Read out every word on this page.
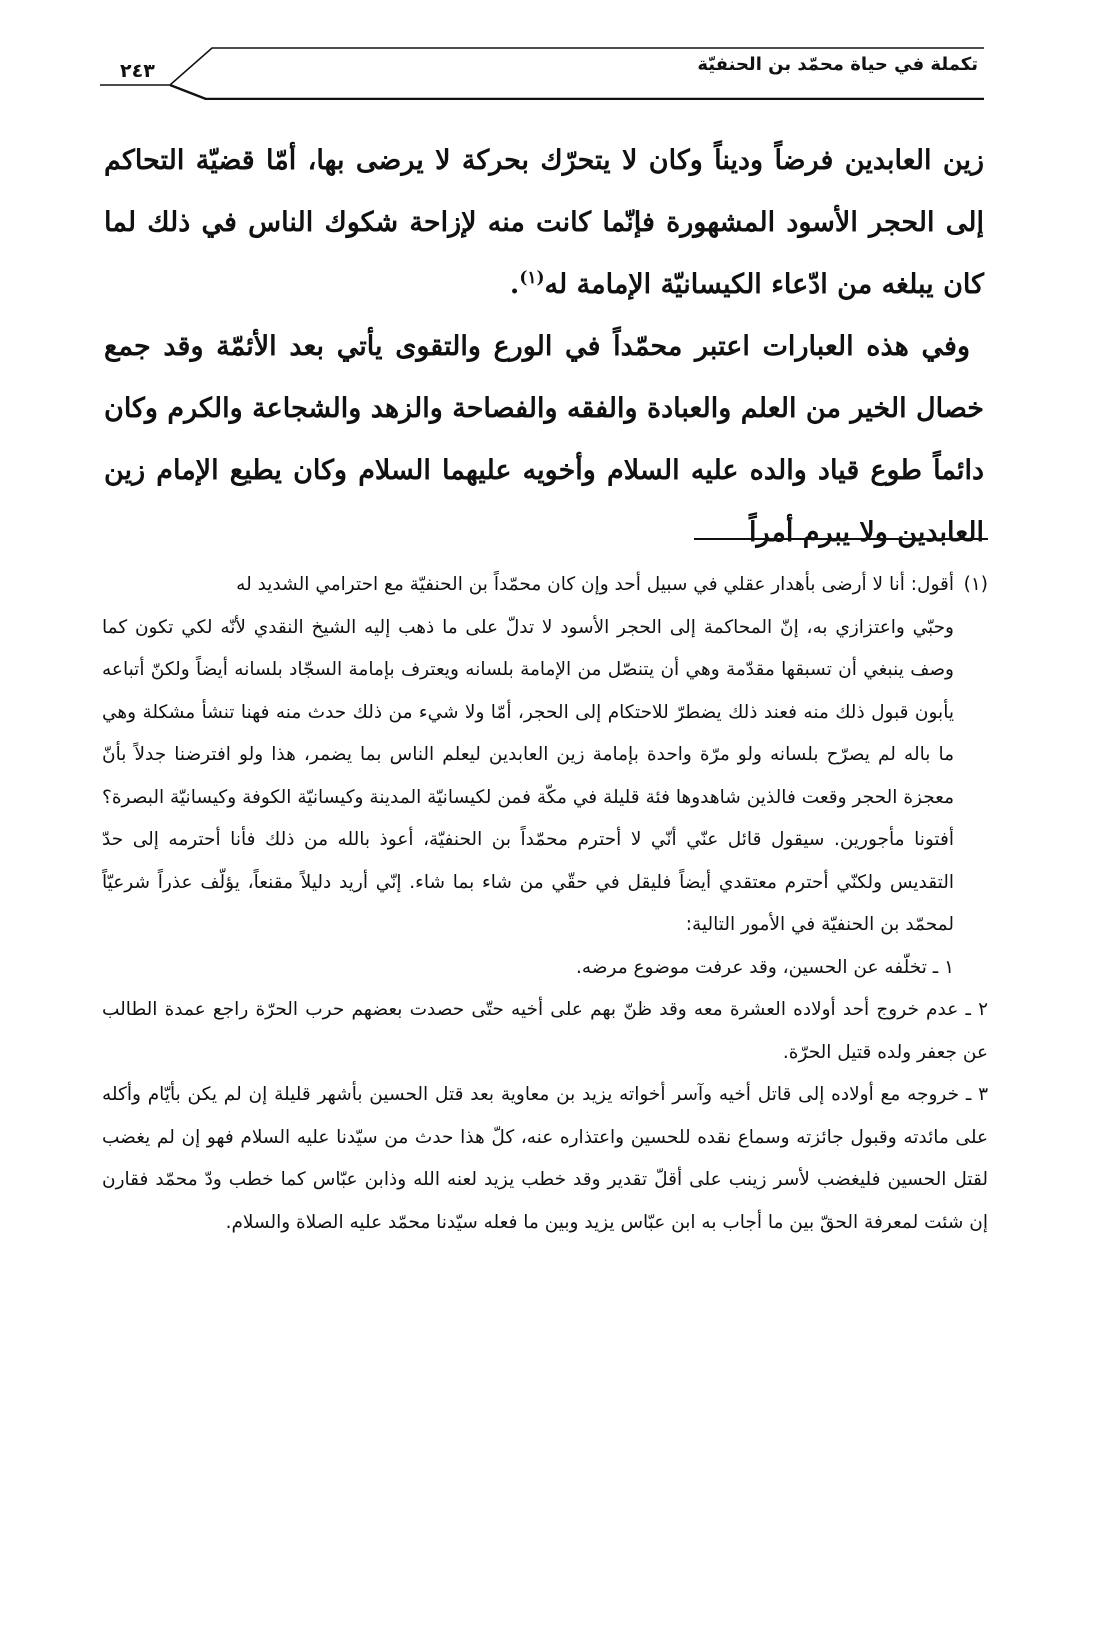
تكملة في حياة محمّد بن الحنفيّة
٢٤٣

زين العابدين فرضاً وديناً وكان لا يتحرّك بحركة لا يرضى بها، أمّا قضيّة التحاكم إلى الحجر الأسود المشهورة فإنّما كانت منه لإزاحة شكوك الناس في ذلك لما كان يبلغه من ادّعاء الكيسانيّة الإمامة له$^{(١)}$.

وفي هذه العبارات اعتبر محمّداً في الورع والتقوى يأتي بعد الأئمّة وقد جمع خصال الخير من العلم والعبادة والفقه والفصاحة والزهد والشجاعة والكرم وكان دائماً طوع قياد والده عليه السلام وأخويه عليهما السلام وكان يطيع الإمام زين العابدين ولا يبرم أمراً

(١)أقول: أنا لا أرضى بأهدار عقلي في سبيل أحد وإن كان محمّداً بن الحنفيّة مع احترامي الشديد له

وحبّي واعتزازي به، إنّ المحاكمة إلى الحجر الأسود لا تدلّ على ما ذهب إليه الشيخ النقدي لأنّه لكي تكون كما وصف ينبغي أن تسبقها مقدّمة وهي أن يتنصّل من الإمامة بلسانه ويعترف بإمامة السجّاد بلسانه أيضاً ولكنّ أتباعه يأبون قبول ذلك منه فعند ذلك يضطرّ للاحتكام إلى الحجر، أمّا ولا شيء من ذلك حدث منه فهنا تنشأ مشكلة وهي ما باله لم يصرّح بلسانه ولو مرّة واحدة بإمامة زين العابدين ليعلم الناس بما يضمر، هذا ولو افترضنا جدلاً بأنّ معجزة الحجر وقعت فالذين شاهدوها فئة قليلة في مكّة فمن لكيسانيّة المدينة وكيسانيّة الكوفة وكيسانيّة البصرة؟ أفتونا مأجورين. سيقول قائل عنّي أنّي لا أحترم محمّداً بن الحنفيّة، أعوذ بالله من ذلك فأنا أحترمه إلى حدّ التقديس ولكنّي أحترم معتقدي أيضاً فليقل في حقّي من شاء بما شاء. إنّي أريد دليلاً مقنعاً، يؤلّف عذراً شرعيّاً لمحمّد بن الحنفيّة في الأمور التالية:

١ ـ تخلّفه عن الحسين، وقد عرفت موضوع مرضه.
٢ ـ عدم خروج أحد أولاده العشرة معه وقد ظنّ بهم على أخيه حتّى حصدت بعضهم حرب الحرّة راجع عمدة الطالب عن جعفر ولده قتيل الحرّة.
٣ ـ خروجه مع أولاده إلى قاتل أخيه وآسر أخواته يزيد بن معاوية بعد قتل الحسين بأشهر قليلة إن لم يكن بأيّام وأكله على مائدته وقبول جائزته وسماع نقده للحسين واعتذاره عنه، كلّ هذا حدث من سيّدنا عليه السلام فهو إن لم يغضب لقتل الحسين فليغضب لأسر زينب على أقلّ تقدير وقد خطب يزيد لعنه الله وذابن عبّاس كما خطب ودّ محمّد فقارن إن شئت لمعرفة الحقّ بين ما أجاب به ابن عبّاس يزيد وبين ما فعله سيّدنا محمّد عليه الصلاة والسلام.
